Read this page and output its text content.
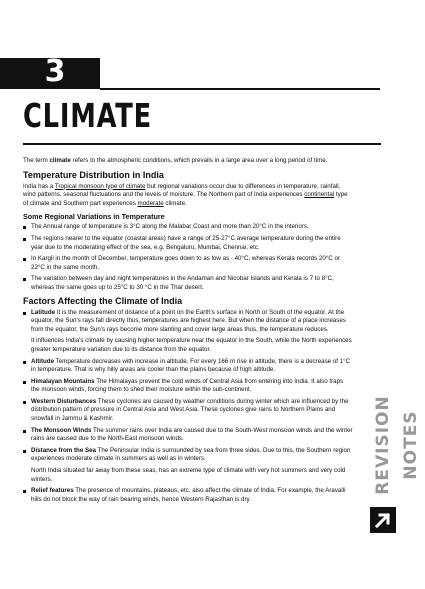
3
CLIMATE

The term climate refers to the atmospheric conditions, which prevails in a large area over a long period of time.

Temperature Distribution in India

India has a Tropical monsoon type of climate but regional variations occur due to differences in temperature, rainfall, wind patterns, seasonal fluctuations and the levels of moisture. The Northern part of India experiences continental type of climate and Southern part experiences moderate climate.

Some Regional Variations in Temperature
The Annual range of temperature is 3°C along the Malabar Coast and more than 20°C in the interiors.
The regions nearer to the equator (coastal areas) have a range of 25-27°C average temperature during the entire year due to the moderating effect of the sea, e.g. Bengaluru, Mumbai, Chennai, etc.
In Kargil in the month of December, temperature goes down to as low as - 40°C, whereas Kerala records 20°C or 22°C in the same month.
The variation between day and night temperatures in the Andaman and Nicobar Islands and Kerala is 7 to 8°C, whereas the same goes up to 25°C to 30 °C in the Thar desert.
Factors Affecting the Climate of India
Latitude It is the measurement of distance of a point on the Earth's surface in North or South of the equator. At the equator, the Sun's rays fall directly thus, temperatures are highest here. But when the distance of a place increases from the equator, the Sun's rays become more slanting and cover large areas thus, the temperature reduces.
It influences India's climate by causing higher temperature near the equator in the South, while the North experiences greater temperature variation due to its distance from the equator.
Altitude Temperature decreases with increase in altitude. For every 166 m rise in altitude, there is a decrease of 1°C in temperature. That is why hilly areas are cooler than the plains because of high altitude.
Himalayan Mountains The Himalayas prevent the cold winds of Central Asia from entering into India. It also traps the monsoon winds, forcing them to shed their moisture within the sub-continent.
Western Disturbances These cyclones are caused by weather conditions during winter which are influenced by the distribution pattern of pressure in Central Asia and West Asia. These cyclones give rains to Northern Plains and snowfall in Jammu & Kashmir.
The Monsoon Winds The summer rains over India are caused due to the South-West monsoon winds and the winter rains are caused due to the North-East monsoon winds.
Distance from the Sea The Peninsular India is surrounded by sea from three sides. Due to this, the Southern region experiences moderate climate in summers as well as in winters.
North India situated far away from these seas, has an extreme type of climate with very hot summers and very cold winters.
Relief features The presence of mountains, plateaus, etc. also affect the climate of India. For example, the Aravalli hills do not block the way of rain bearing winds, hence Western Rajasthan is dry.
REVISION NOTES
